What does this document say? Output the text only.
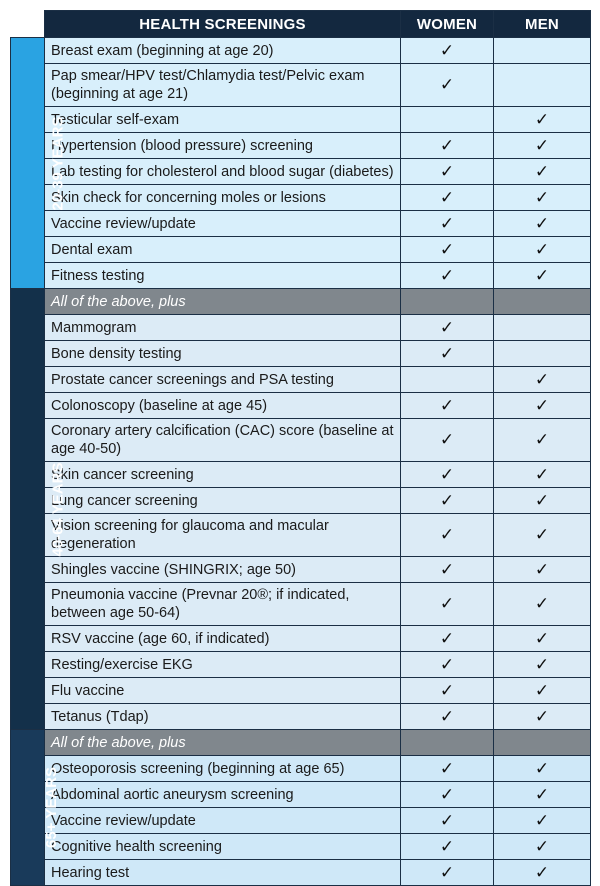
	HEALTH SCREENINGS	WOMEN	MEN
20-39 YEARS	Breast exam (beginning at age 20)	✓	
	Pap smear/HPV test/Chlamydia test/Pelvic exam (beginning at age 21)	✓	
	Testicular self-exam		✓
	Hypertension (blood pressure) screening	✓	✓
	Lab testing for cholesterol and blood sugar (diabetes)	✓	✓
	Skin check for concerning moles or lesions	✓	✓
	Vaccine review/update	✓	✓
	Dental exam	✓	✓
	Fitness testing	✓	✓
40-64 YEARS	All of the above, plus		
	Mammogram	✓	
	Bone density testing	✓	
	Prostate cancer screenings and PSA testing		✓
	Colonoscopy (baseline at age 45)	✓	✓
	Coronary artery calcification (CAC) score (baseline at age 40-50)	✓	✓
	Skin cancer screening	✓	✓
	Lung cancer screening	✓	✓
	Vision screening for glaucoma and macular degeneration	✓	✓
	Shingles vaccine (SHINGRIX; age 50)	✓	✓
	Pneumonia vaccine (Prevnar 20®; if indicated, between age 50-64)	✓	✓
	RSV vaccine (age 60, if indicated)	✓	✓
	Resting/exercise EKG	✓	✓
	Flu vaccine	✓	✓
	Tetanus (Tdap)	✓	✓
65+ YEARS	All of the above, plus		
	Osteoporosis screening (beginning at age 65)	✓	✓
	Abdominal aortic aneurysm screening	✓	✓
	Vaccine review/update	✓	✓
	Cognitive health screening	✓	✓
	Hearing test	✓	✓
